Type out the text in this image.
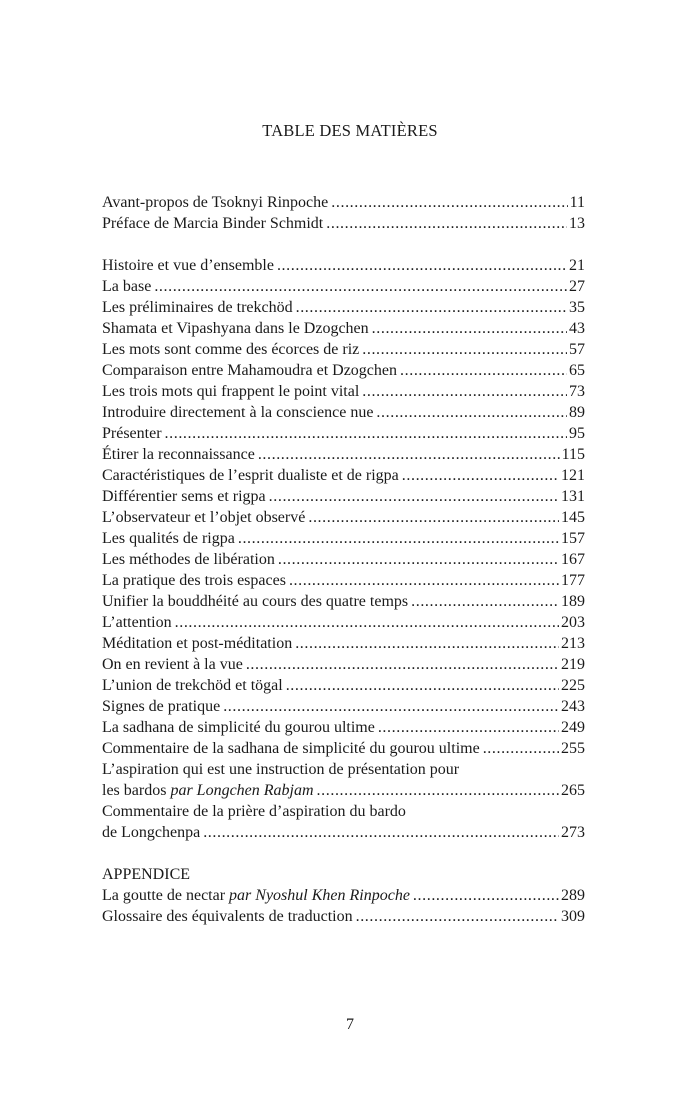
TABLE DES MATIÈRES
Avant-propos de Tsoknyi Rinpoche .....	11
Préface de Marcia Binder Schmidt .....	13
Histoire et vue d’ensemble .....	21
La base .....	27
Les préliminaires de trekchöd .....	35
Shamata et Vipashyana dans le Dzogchen .....	43
Les mots sont comme des écorces de riz .....	57
Comparaison entre Mahamoudra et Dzogchen .....	65
Les trois mots qui frappent le point vital .....	73
Introduire directement à la conscience nue .....	89
Présenter .....	95
Étirer la reconnaissance .....	115
Caractéristiques de l’esprit dualiste et de rigpa .....	121
Différentier sems et rigpa .....	131
L’observateur et l’objet observé .....	145
Les qualités de rigpa .....	157
Les méthodes de libération .....	167
La pratique des trois espaces .....	177
Unifier la bouddhéité au cours des quatre temps .....	189
L’attention .....	203
Méditation et post-méditation .....	213
On en revient à la vue .....	219
L’union de trekchöd et tögal .....	225
Signes de pratique .....	243
La sadhana de simplicité du gourou ultime .....	249
Commentaire de la sadhana de simplicité du gourou ultime .....	255
L’aspiration qui est une instruction de présentation pour
les bardos par Longchen Rabjam .....	265
Commentaire de la prière d’aspiration du bardo
de Longchenpa .....	273
APPENDICE
La goutte de nectar par Nyoshul Khen Rinpoche .....	289
Glossaire des équivalents de traduction .....	309
7
